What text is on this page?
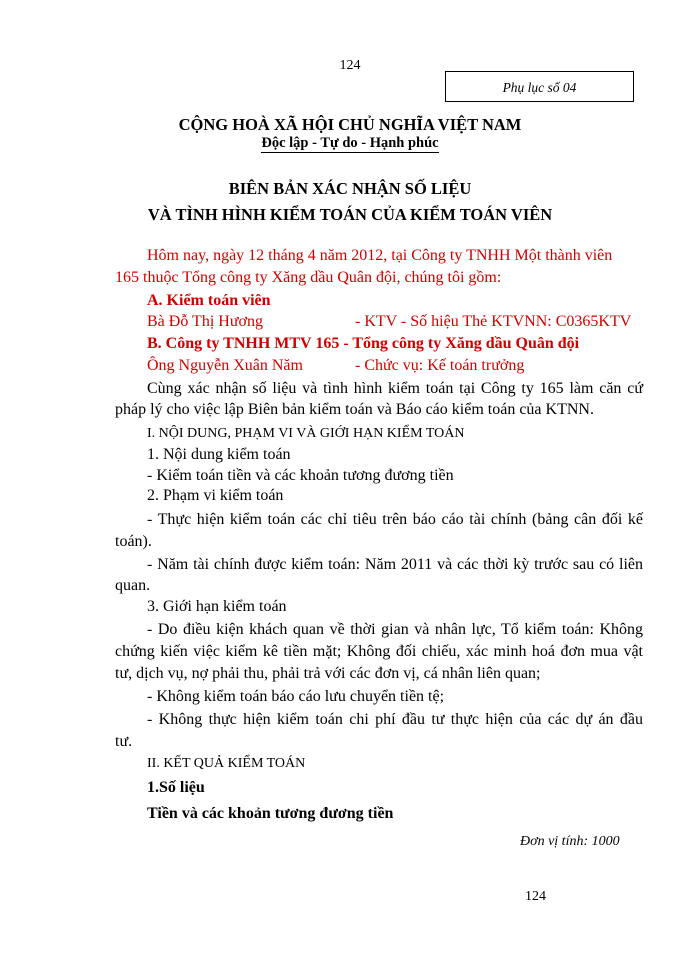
124
Phụ lục số 04
CỘNG HOÀ XÃ HỘI CHỦ NGHĨA VIỆT NAM
Độc lập - Tự do - Hạnh phúc
BIÊN BẢN XÁC NHẬN SỐ LIỆU
VÀ TÌNH HÌNH KIỂM TOÁN CỦA KIỂM TOÁN VIÊN
Hôm nay, ngày 12 tháng 4 năm 2012, tại Công ty TNHH Một thành viên
165 thuộc Tổng công ty Xăng dầu Quân đội, chúng tôi gồm:
A. Kiểm toán viên
Bà Đỗ Thị Hương	- KTV - Số hiệu Thẻ KTVNN: C0365KTV
B. Công ty TNHH MTV 165 - Tổng công ty Xăng dầu Quân đội
Ông Nguyễn Xuân Năm	- Chức vụ: Kế toán trưởng
Cùng xác nhận số liệu và tình hình kiểm toán tại Công ty 165 làm căn cứ
pháp lý cho việc lập Biên bản kiểm toán và Báo cáo kiểm toán của KTNN.
I. NỘI DUNG, PHẠM VI VÀ GIỚI HẠN KIỂM TOÁN
1. Nội dung kiểm toán
- Kiểm toán tiền và các khoản tương đương tiền
2. Phạm vi kiểm toán
- Thực hiện kiểm toán các chỉ tiêu trên báo cáo tài chính (bảng cân đối kế
toán).
- Năm tài chính được kiểm toán: Năm 2011 và các thời kỳ trước sau có liên
quan.
3. Giới hạn kiểm toán
- Do điều kiện khách quan về thời gian và nhân lực, Tổ kiểm toán: Không
chứng kiến việc kiểm kê tiền mặt; Không đối chiếu, xác minh hoá đơn mua vật
tư, dịch vụ, nợ phải thu, phải trả với các đơn vị, cá nhân liên quan;
- Không kiểm toán báo cáo lưu chuyển tiền tệ;
- Không thực hiện kiểm toán chi phí đầu tư thực hiện của các dự án đầu
tư.
II. KẾT QUẢ KIỂM TOÁN
1.Số liệu
Tiền và các khoản tương đương tiền
Đơn vị tính: 1000
124
